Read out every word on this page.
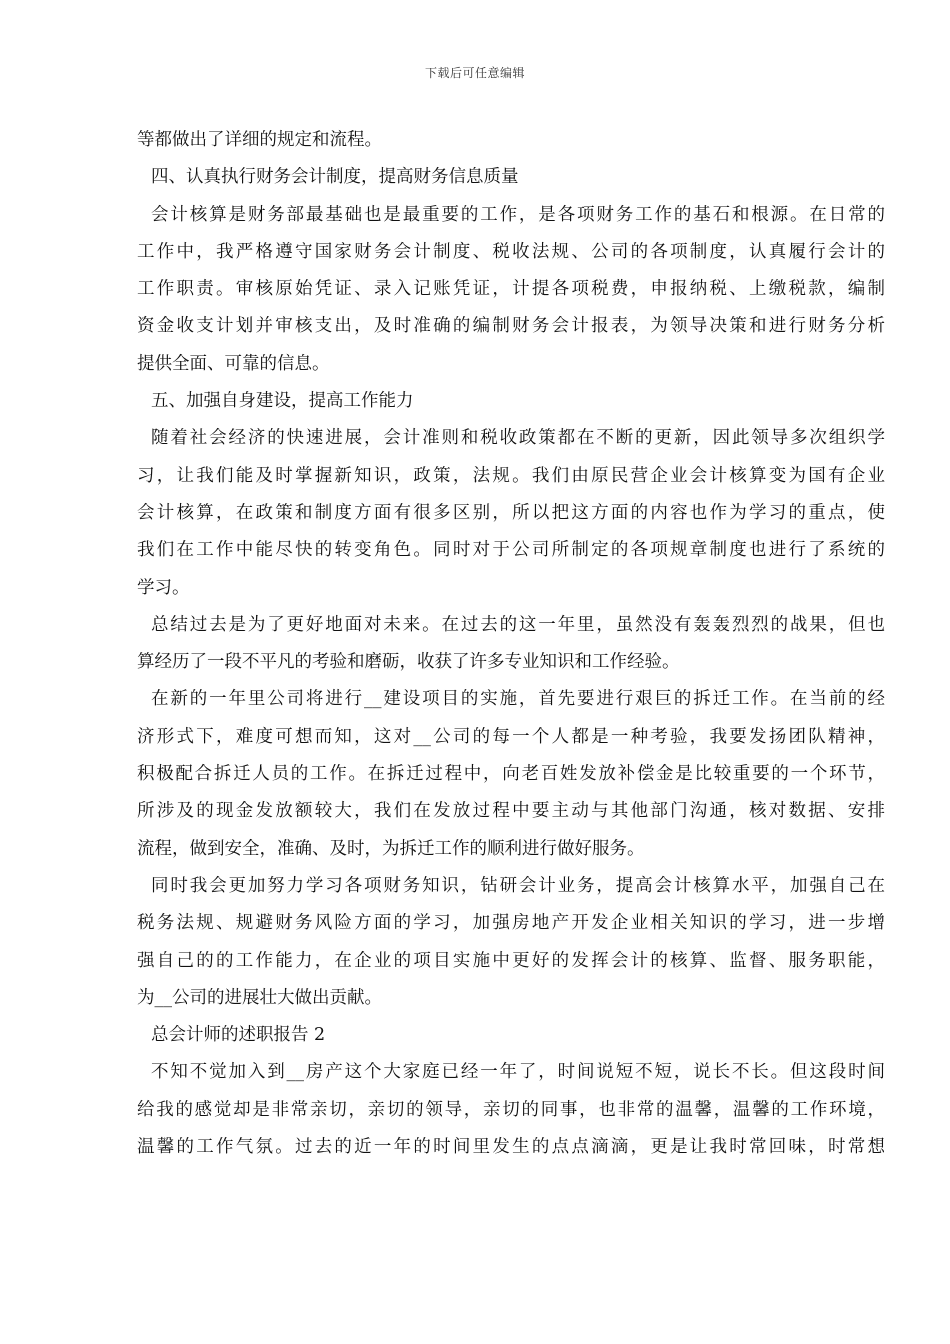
下载后可任意编辑
等都做出了详细的规定和流程。
四、认真执行财务会计制度，提高财务信息质量
会计核算是财务部最基础也是最重要的工作，是各项财务工作的基石和根源。在日常的
工作中，我严格遵守国家财务会计制度、税收法规、公司的各项制度，认真履行会计的
工作职责。审核原始凭证、录入记账凭证，计提各项税费，申报纳税、上缴税款，编制
资金收支计划并审核支出，及时准确的编制财务会计报表，为领导决策和进行财务分析
提供全面、可靠的信息。
五、加强自身建设，提高工作能力
随着社会经济的快速进展，会计准则和税收政策都在不断的更新，因此领导多次组织学
习，让我们能及时掌握新知识，政策，法规。我们由原民营企业会计核算变为国有企业
会计核算，在政策和制度方面有很多区别，所以把这方面的内容也作为学习的重点，使
我们在工作中能尽快的转变角色。同时对于公司所制定的各项规章制度也进行了系统的
学习。
总结过去是为了更好地面对未来。在过去的这一年里，虽然没有轰轰烈烈的战果，但也
算经历了一段不平凡的考验和磨砺，收获了许多专业知识和工作经验。
在新的一年里公司将进行__建设项目的实施，首先要进行艰巨的拆迁工作。在当前的经
济形式下，难度可想而知，这对__公司的每一个人都是一种考验，我要发扬团队精神，
积极配合拆迁人员的工作。在拆迁过程中，向老百姓发放补偿金是比较重要的一个环节，
所涉及的现金发放额较大，我们在发放过程中要主动与其他部门沟通，核对数据、安排
流程，做到安全，准确、及时，为拆迁工作的顺利进行做好服务。
同时我会更加努力学习各项财务知识，钻研会计业务，提高会计核算水平，加强自己在
税务法规、规避财务风险方面的学习，加强房地产开发企业相关知识的学习，进一步增
强自己的的工作能力，在企业的项目实施中更好的发挥会计的核算、监督、服务职能，
为__公司的进展壮大做出贡献。
总会计师的述职报告 2
不知不觉加入到__房产这个大家庭已经一年了，时间说短不短，说长不长。但这段时间
给我的感觉却是非常亲切，亲切的领导，亲切的同事，也非常的温馨，温馨的工作环境，
温馨的工作气氛。过去的近一年的时间里发生的点点滴滴，更是让我时常回味，时常想
